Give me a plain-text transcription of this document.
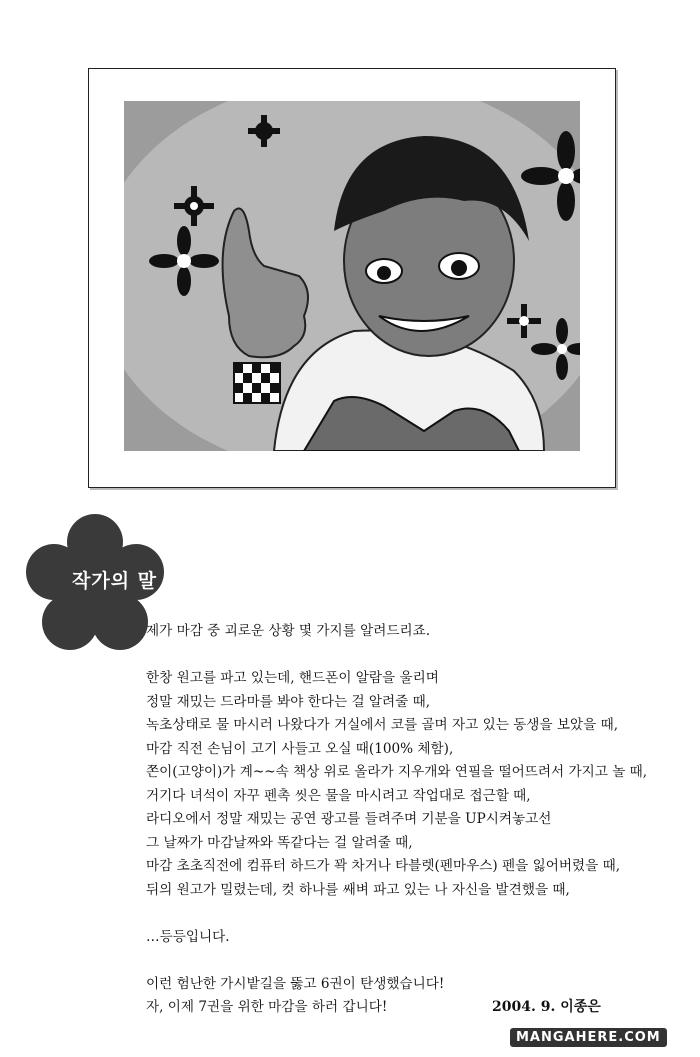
작가의 말

제가 마감 중 괴로운 상황 몇 가지를 알려드리죠.

한창 원고를 파고 있는데, 핸드폰이 알람을 울리며

정말 재밌는 드라마를 봐야 한다는 걸 알려줄 때,

녹초상태로 물 마시러 나왔다가 거실에서 코를 골며 자고 있는 동생을 보았을 때,

마감 직전 손님이 고기 사들고 오실 때(100% 체함),

쫀이(고양이)가 계~~속 책상 위로 올라가 지우개와 연필을 떨어뜨려서 가지고 놀 때,

거기다 녀석이 자꾸 펜촉 씻은 물을 마시려고 작업대로 접근할 때,

라디오에서 정말 재밌는 공연 광고를 들려주며 기분을 UP시켜놓고선

그 날짜가 마감날짜와 똑같다는 걸 알려줄 때,

마감 초초직전에 컴퓨터 하드가 꽉 차거나 타블렛(펜마우스) 펜을 잃어버렸을 때,

뒤의 원고가 밀렸는데, 컷 하나를 쌔벼 파고 있는 나 자신을 발견했을 때,

…등등입니다.

이런 험난한 가시밭길을 뚫고 6권이 탄생했습니다!

자, 이제 7권을 위한 마감을 하러 갑니다!	2004. 9. 이종은
MANGAHERE.COM
